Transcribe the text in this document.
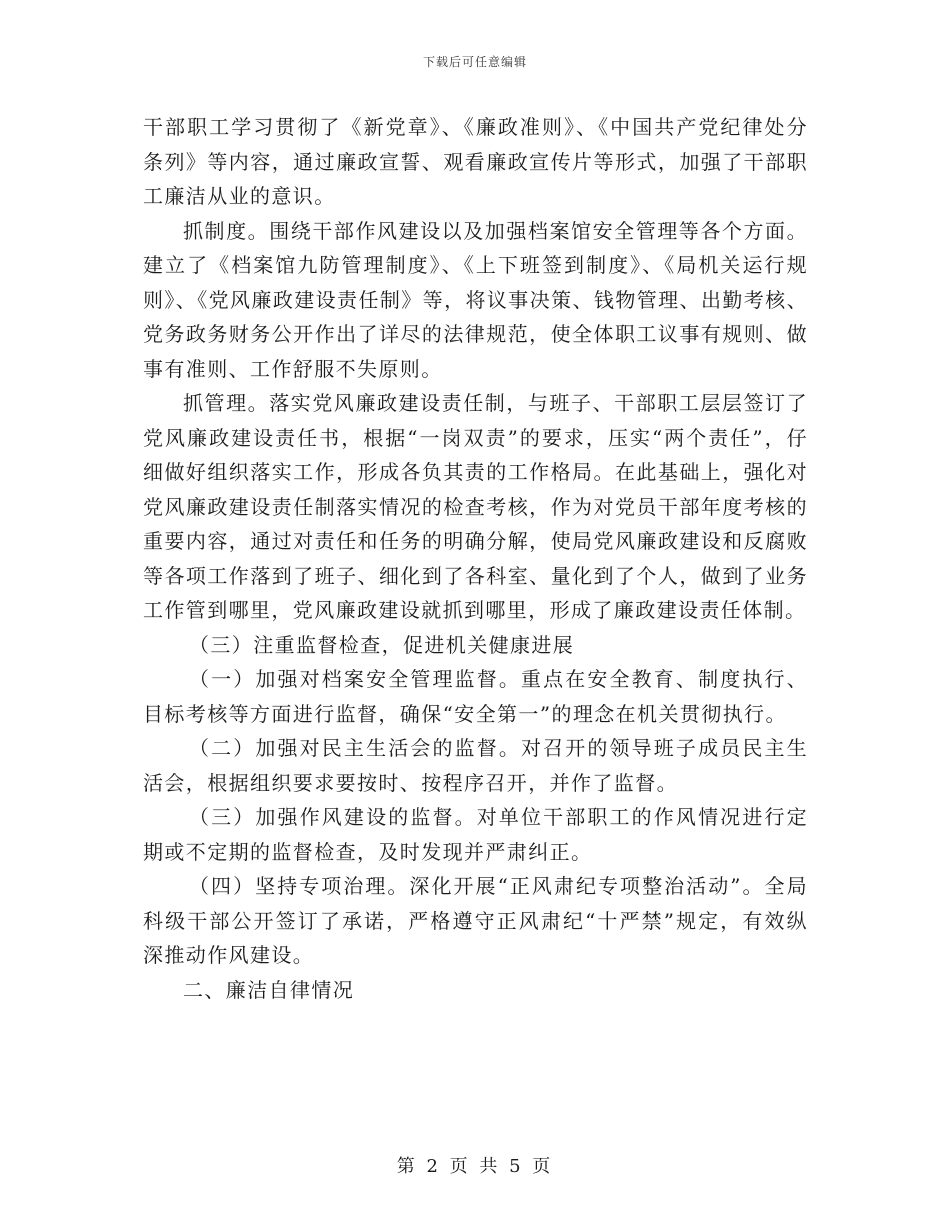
下载后可任意编辑

干部职工学习贯彻了《新党章》、《廉政准则》、《中国共产党纪律处分条列》等内容，通过廉政宣誓、观看廉政宣传片等形式，加强了干部职工廉洁从业的意识。

抓制度。围绕干部作风建设以及加强档案馆安全管理等各个方面。建立了《档案馆九防管理制度》、《上下班签到制度》、《局机关运行规则》、《党风廉政建设责任制》等，将议事决策、钱物管理、出勤考核、党务政务财务公开作出了详尽的法律规范，使全体职工议事有规则、做事有准则、工作舒服不失原则。

抓管理。落实党风廉政建设责任制，与班子、干部职工层层签订了党风廉政建设责任书，根据“一岗双责”的要求，压实“两个责任”，仔细做好组织落实工作，形成各负其责的工作格局。在此基础上，强化对党风廉政建设责任制落实情况的检查考核，作为对党员干部年度考核的重要内容，通过对责任和任务的明确分解，使局党风廉政建设和反腐败等各项工作落到了班子、细化到了各科室、量化到了个人，做到了业务工作管到哪里，党风廉政建设就抓到哪里，形成了廉政建设责任体制。

（三）注重监督检查，促进机关健康进展

（一）加强对档案安全管理监督。重点在安全教育、制度执行、目标考核等方面进行监督，确保“安全第一”的理念在机关贯彻执行。

（二）加强对民主生活会的监督。对召开的领导班子成员民主生活会，根据组织要求要按时、按程序召开，并作了监督。

（三）加强作风建设的监督。对单位干部职工的作风情况进行定期或不定期的监督检查，及时发现并严肃纠正。

（四）坚持专项治理。深化开展“正风肃纪专项整治活动”。全局科级干部公开签订了承诺，严格遵守正风肃纪“十严禁”规定，有效纵深推动作风建设。

二、廉洁自律情况

第 2 页 共 5 页
